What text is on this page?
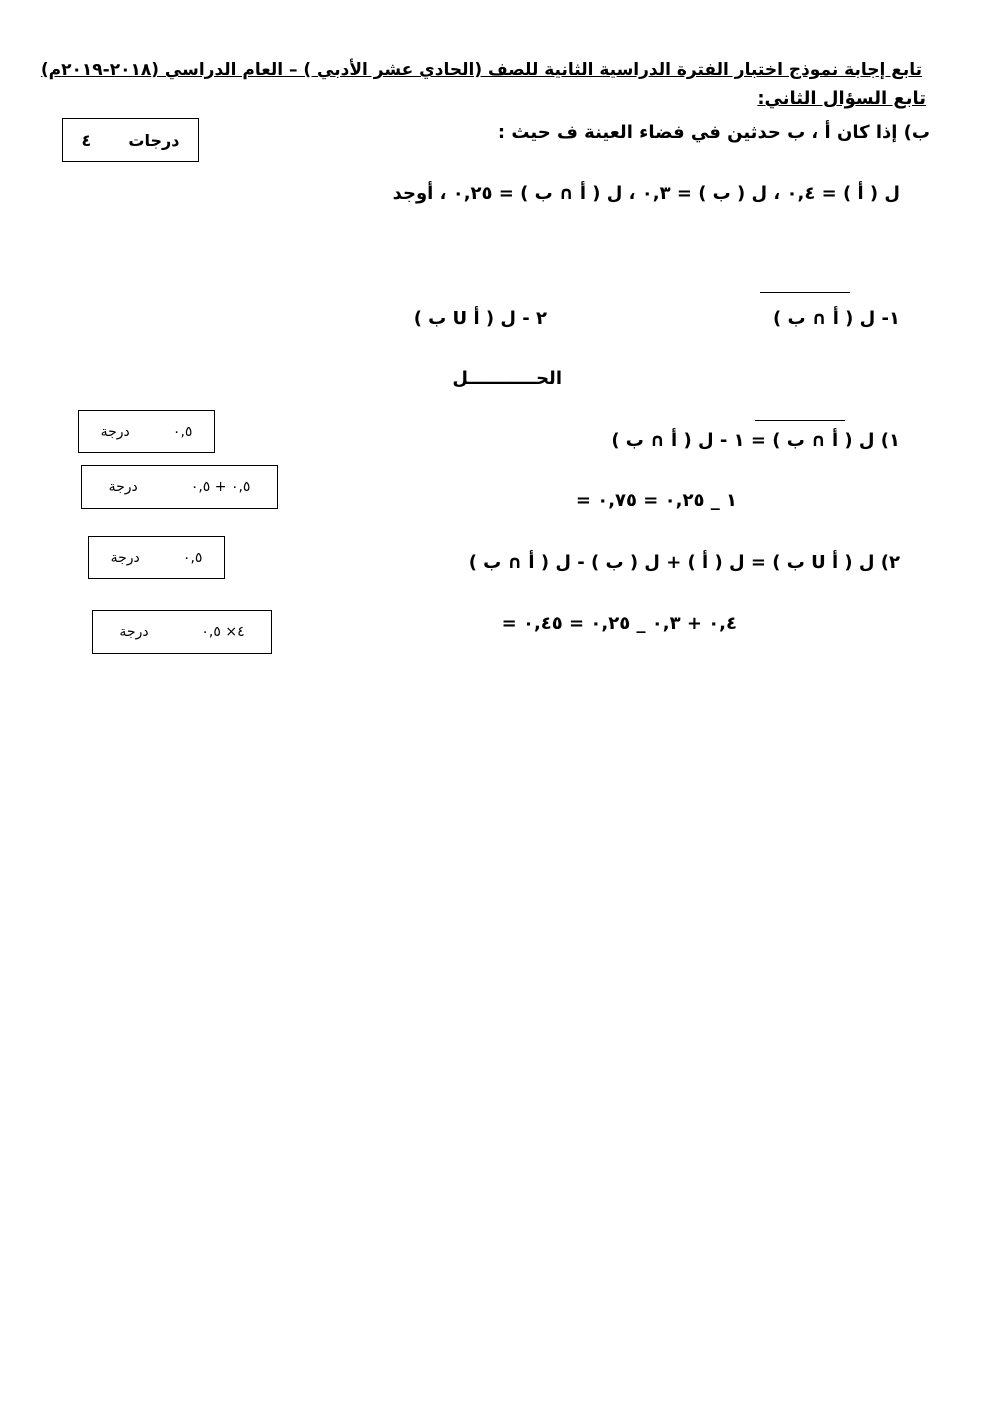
تابع إجابة نموذج اختبار الفترة الدراسية الثانية للصف (الحادي عشر الأدبي ) – العام الدراسي (٢٠١٨-٢٠١٩م)
تابع السؤال الثاني:
ب) إذا كان أ ، ب حدثين في فضاء العينة ف حيث :
درجات
٤
ل ( أ ) = ٠,٤ ، ل ( ب ) = ٠,٣ ، ل ( أ ∩ ب ) = ٠,٢٥ ، أوجد
١- ل ( أ ∩ ب )
٢ - ل ( أ U ب )
الحـــــــــــل
١) ل ( أ ∩ ب ) = ١ - ل ( أ ∩ ب )
= ١ _ ٠,٢٥ = ٠,٧٥
٢) ل ( أ U ب ) = ل ( أ ) + ل ( ب ) - ل ( أ ∩ ب )
= ٠,٤ + ٠,٣ _ ٠,٢٥ = ٠,٤٥
٠,٥
درجة
٠,٥ + ٠,٥
درجة
٠,٥
درجة
٤× ٠,٥
درجة
